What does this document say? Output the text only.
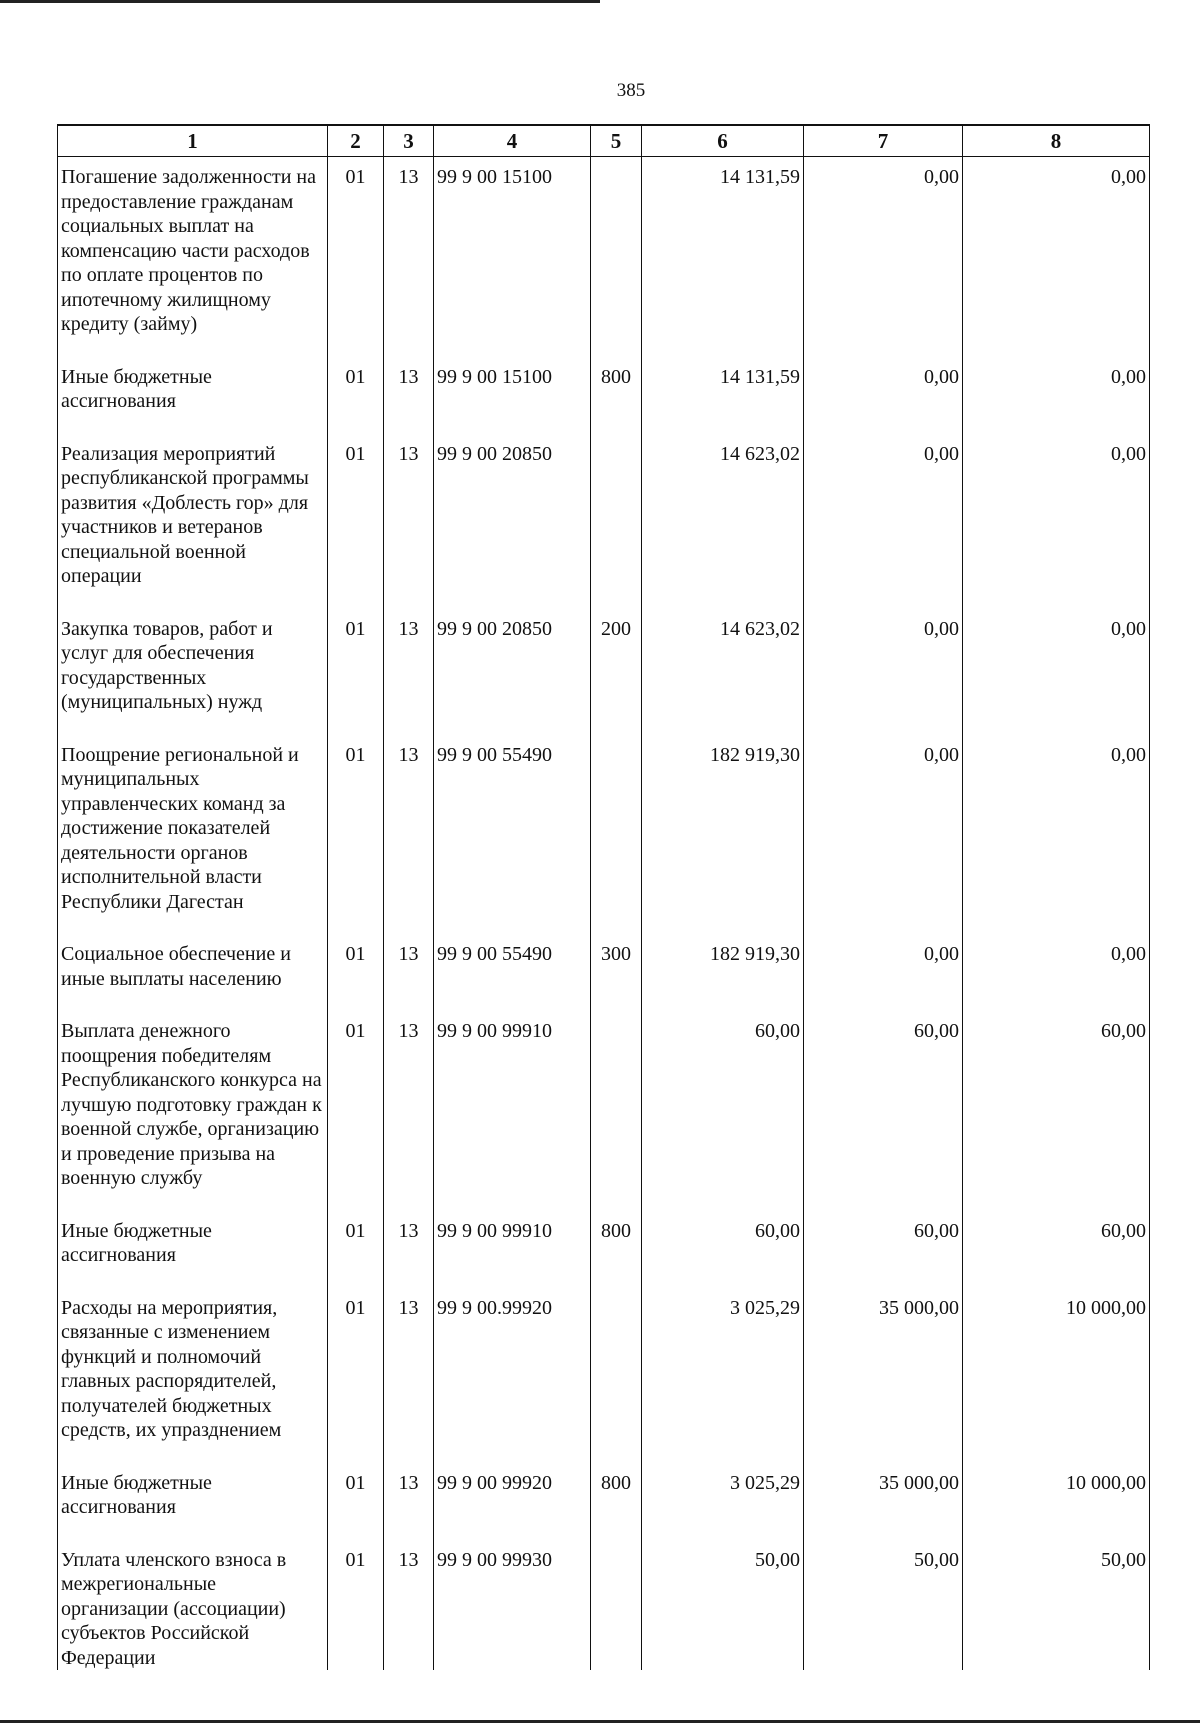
385
1	2	3	4	5	6	7	8
Погашение задолженности на предоставление гражданам социальных выплат на компенсацию части расходов по оплате процентов по ипотечному жилищному кредиту (займу)	01	13	99 9 00 15100		14 131,59	0,00	0,00
Иные бюджетные ассигнования	01	13	99 9 00 15100	800	14 131,59	0,00	0,00
Реализация мероприятий республиканской программы развития «Доблесть гор» для участников и ветеранов специальной военной операции	01	13	99 9 00 20850		14 623,02	0,00	0,00
Закупка товаров, работ и услуг для обеспечения государственных (муниципальных) нужд	01	13	99 9 00 20850	200	14 623,02	0,00	0,00
Поощрение региональной и муниципальных управленческих команд за достижение показателей деятельности органов исполнительной власти Республики Дагестан	01	13	99 9 00 55490		182 919,30	0,00	0,00
Социальное обеспечение и иные выплаты населению	01	13	99 9 00 55490	300	182 919,30	0,00	0,00
Выплата денежного поощрения победителям Республиканского конкурса на лучшую подготовку граждан к военной службе, организацию и проведение призыва на военную службу	01	13	99 9 00 99910		60,00	60,00	60,00
Иные бюджетные ассигнования	01	13	99 9 00 99910	800	60,00	60,00	60,00
Расходы на мероприятия, связанные с изменением функций и полномочий главных распорядителей, получателей бюджетных средств, их упразднением	01	13	99 9 00.99920		3 025,29	35 000,00	10 000,00
Иные бюджетные ассигнования	01	13	99 9 00 99920	800	3 025,29	35 000,00	10 000,00
Уплата членского взноса в межрегиональные организации (ассоциации) субъектов Российской Федерации	01	13	99 9 00 99930		50,00	50,00	50,00
